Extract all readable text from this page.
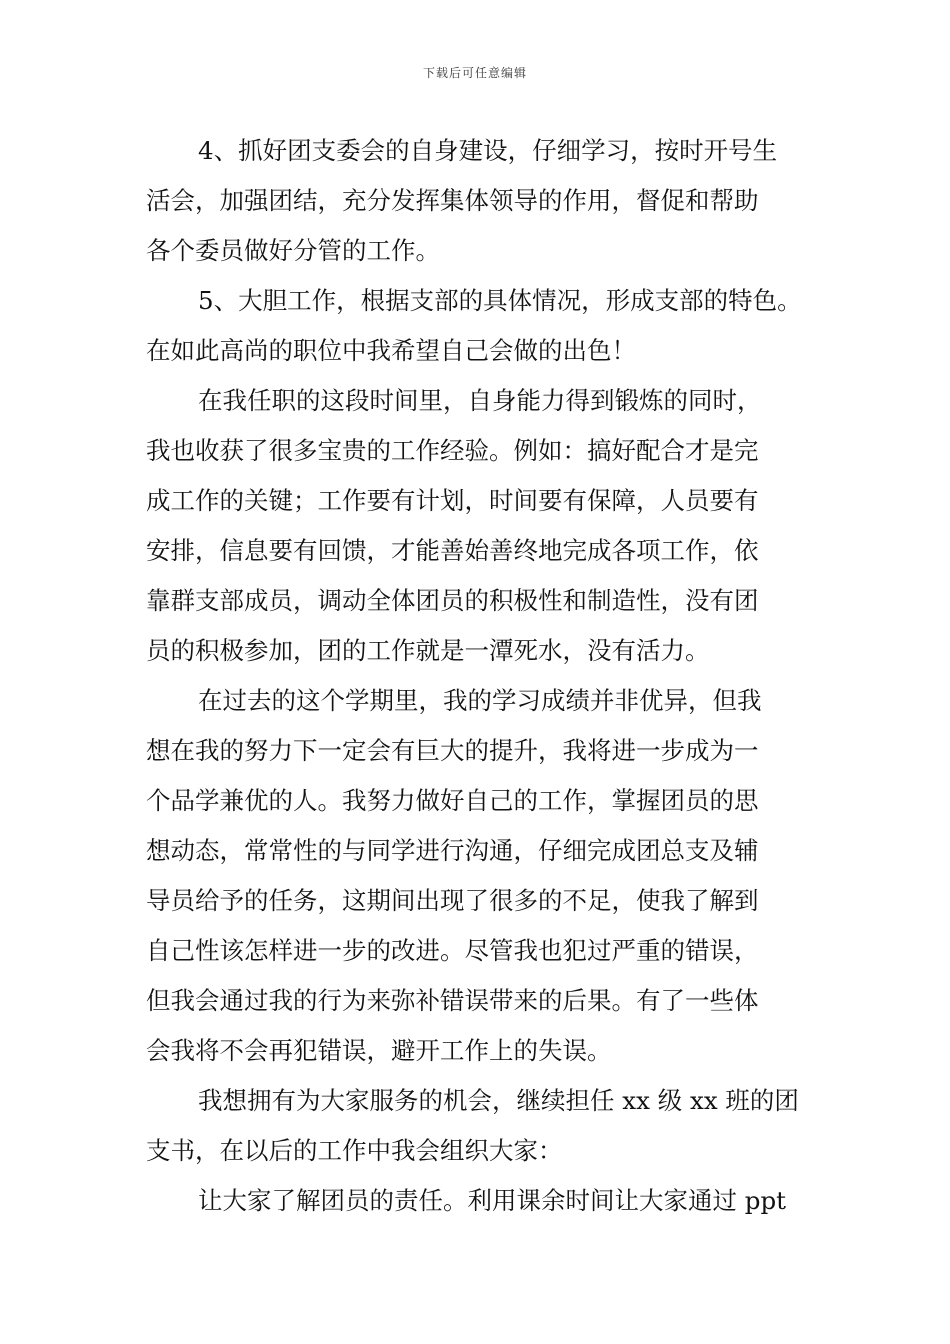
下载后可任意编辑
4、抓好团支委会的自身建设，仔细学习，按时开号生
活会，加强团结，充分发挥集体领导的作用，督促和帮助
各个委员做好分管的工作。
5、大胆工作，根据支部的具体情况，形成支部的特色。
在如此高尚的职位中我希望自己会做的出色！
在我任职的这段时间里，自身能力得到锻炼的同时，
我也收获了很多宝贵的工作经验。例如：搞好配合才是完
成工作的关键；工作要有计划，时间要有保障，人员要有
安排，信息要有回馈，才能善始善终地完成各项工作，依
靠群支部成员，调动全体团员的积极性和制造性，没有团
员的积极参加，团的工作就是一潭死水，没有活力。
在过去的这个学期里，我的学习成绩并非优异，但我
想在我的努力下一定会有巨大的提升，我将进一步成为一
个品学兼优的人。我努力做好自己的工作，掌握团员的思
想动态，常常性的与同学进行沟通，仔细完成团总支及辅
导员给予的任务，这期间出现了很多的不足，使我了解到
自己性该怎样进一步的改进。尽管我也犯过严重的错误，
但我会通过我的行为来弥补错误带来的后果。有了一些体
会我将不会再犯错误，避开工作上的失误。
我想拥有为大家服务的机会，继续担任 xx 级 xx 班的团
支书，在以后的工作中我会组织大家：
让大家了解团员的责任。利用课余时间让大家通过 ppt
